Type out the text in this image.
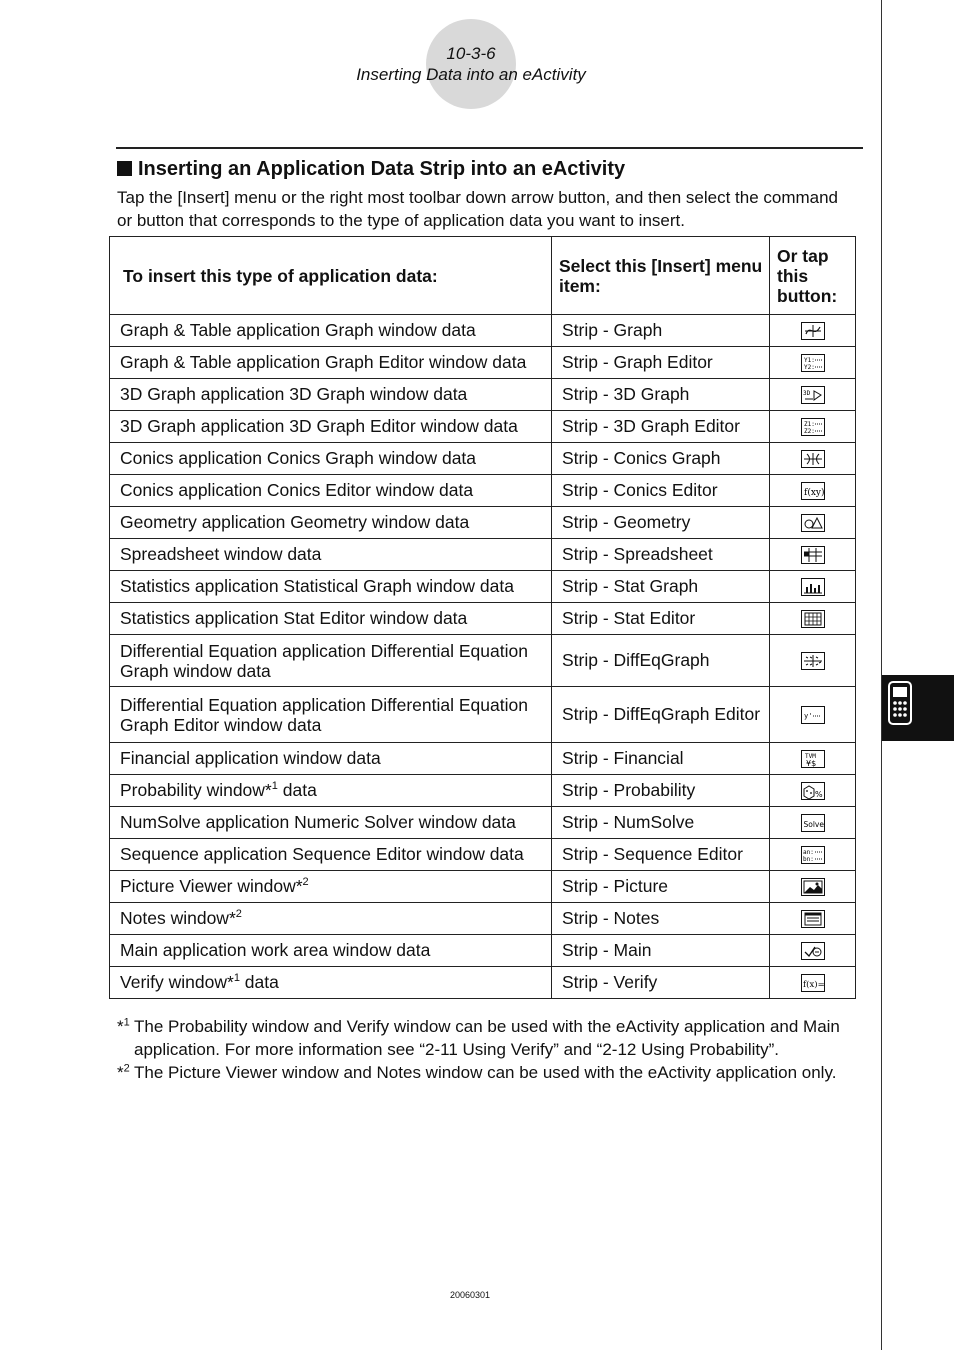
10-3-6
Inserting Data into an eActivity
Inserting an Application Data Strip into an eActivity
Tap the [Insert] menu or the right most toolbar down arrow button, and then select the command or button that corresponds to the type of application data you want to insert.
To insert this type of application data:	Select this [Insert] menu item:	Or tap this button:
Graph & Table application Graph window data	Strip - Graph	
Graph & Table application Graph Editor window data	Strip - Graph Editor	Y1:
Y2:

3D Graph application 3D Graph window data	Strip - 3D Graph	3D

3D Graph application 3D Graph Editor window data	Strip - 3D Graph Editor	Z1:
Z2:

Conics application Conics Graph window data	Strip - Conics Graph	
Conics application Conics Editor window data	Strip - Conics Editor	f(xy)

Geometry application Geometry window data	Strip - Geometry	
Spreadsheet window data	Strip - Spreadsheet	
Statistics application Statistical Graph window data	Strip - Stat Graph	
Statistics application Stat Editor window data	Strip - Stat Editor	
Differential Equation application Differential Equation Graph window data	Strip - DiffEqGraph	
Differential Equation application Differential Equation Graph Editor window data	Strip - DiffEqGraph Editor	y'

Financial application window data	Strip - Financial	TVM
¥$

Probability window*$^1$ data	Strip - Probability	%

NumSolve application Numeric Solver window data	Strip - NumSolve	Solve

Sequence application Sequence Editor window data	Strip - Sequence Editor	an:
bn:

Picture Viewer window*$^2$	Strip - Picture	
Notes window*$^2$	Strip - Notes	
Main application work area window data	Strip - Main	
Verify window*$^1$ data	Strip - Verify	f(x)=
*$^1$ The Probability window and Verify window can be used with the eActivity application and Main application. For more information see “2-11 Using Verify” and “2-12 Using Probability”.
*$^2$ The Picture Viewer window and Notes window can be used with the eActivity application only.
20060301
